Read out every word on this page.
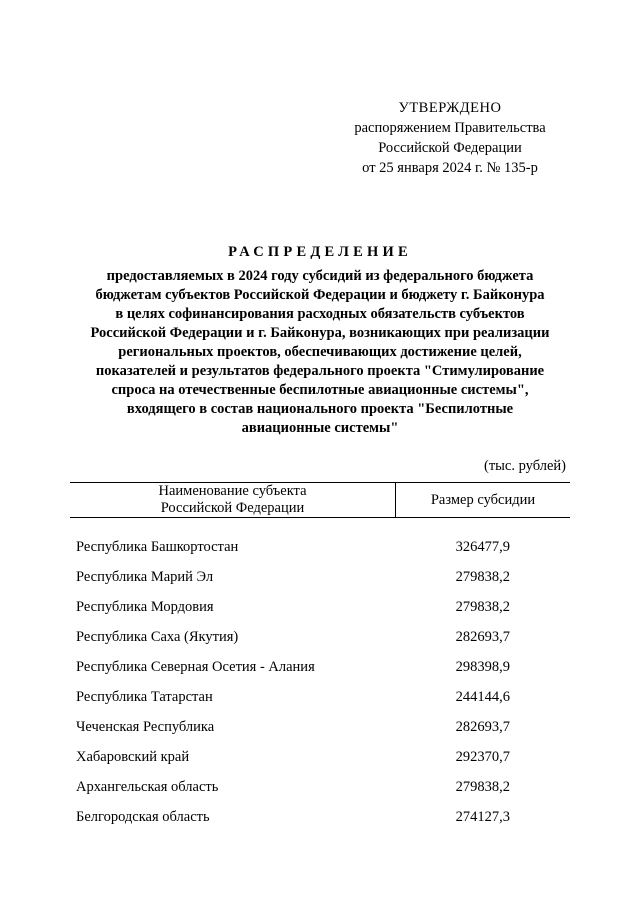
УТВЕРЖДЕНО
распоряжением Правительства
Российской Федерации
от 25 января 2024 г. № 135-р
РАСПРЕДЕЛЕНИЕ
предоставляемых в 2024 году субсидий из федерального бюджета
бюджетам субъектов Российской Федерации и бюджету г. Байконура
в целях софинансирования расходных обязательств субъектов
Российской Федерации и г. Байконура, возникающих при реализации
региональных проектов, обеспечивающих достижение целей,
показателей и результатов федерального проекта "Стимулирование
спроса на отечественные беспилотные авиационные системы",
входящего в состав национального проекта "Беспилотные
авиационные системы"
(тыс. рублей)
Наименование субъекта
Российской Федерации	Размер субсидии

Республика Башкортостан	326477,9
Республика Марий Эл	279838,2
Республика Мордовия	279838,2
Республика Саха (Якутия)	282693,7
Республика Северная Осетия - Алания	298398,9
Республика Татарстан	244144,6
Чеченская Республика	282693,7
Хабаровский край	292370,7
Архангельская область	279838,2
Белгородская область	274127,3
